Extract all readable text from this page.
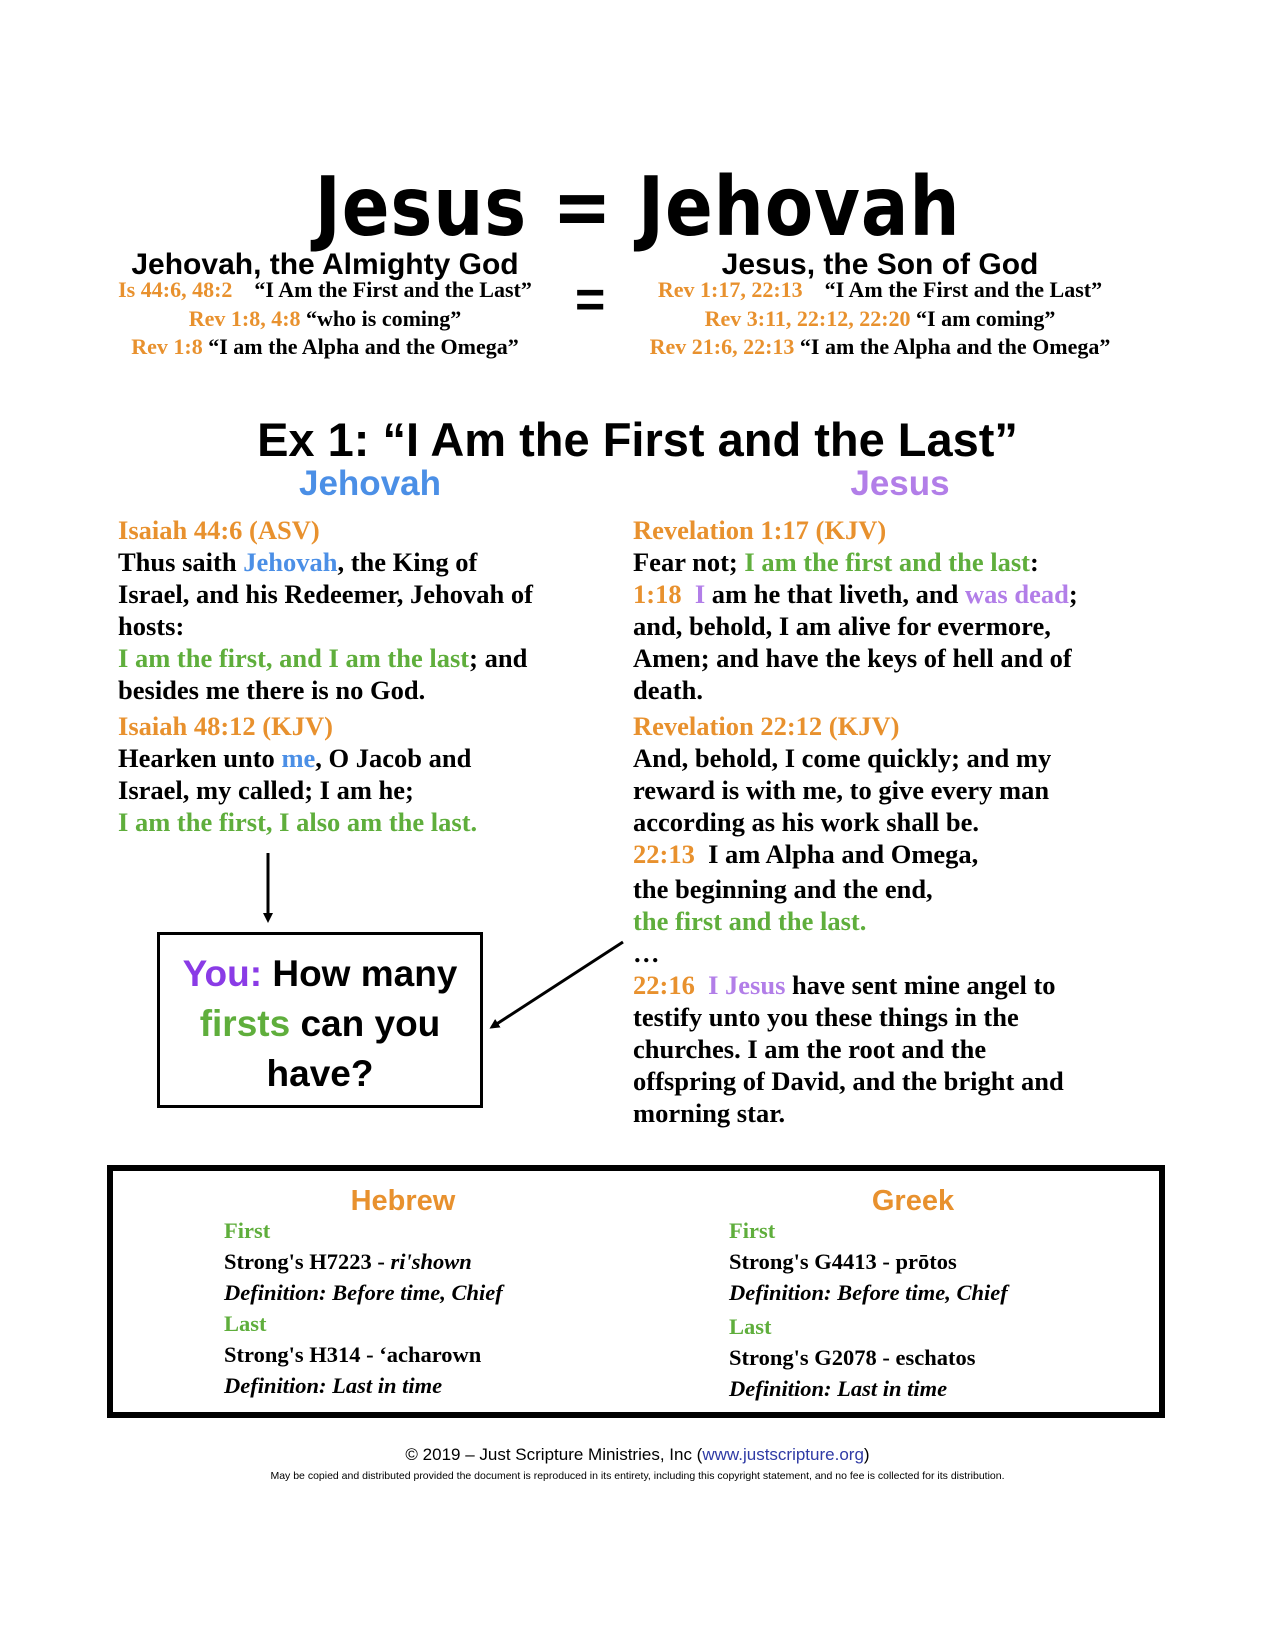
Jesus = Jehovah
Jehovah, the Almighty God
Is 44:6, 48:2 “I Am the First and the Last”
Rev 1:8, 4:8 “who is coming”
Rev 1:8 “I am the Alpha and the Omega”
=
Jesus, the Son of God
Rev 1:17, 22:13 “I Am the First and the Last”
Rev 3:11, 22:12, 22:20 “I am coming”
Rev 21:6, 22:13 “I am the Alpha and the Omega”
Ex 1: “I Am the First and the Last”
Jehovah	Jesus
Isaiah 44:6 (ASV)
Thus saith Jehovah, the King of
Israel, and his Redeemer, Jehovah of
hosts:
I am the first, and I am the last; and
besides me there is no God.
Isaiah 48:12 (KJV)
Hearken unto me, O Jacob and
Israel, my called; I am he;
I am the first, I also am the last.
You: How many
firsts can you
have?
Revelation 1:17 (KJV)
Fear not; I am the first and the last:
1:18 I am he that liveth, and was dead;
and, behold, I am alive for evermore,
Amen; and have the keys of hell and of
death.
Revelation 22:12 (KJV)
And, behold, I come quickly; and my
reward is with me, to give every man
according as his work shall be.
22:13  I am Alpha and Omega,
the beginning and the end,
the first and the last.
…
22:16 I Jesus have sent mine angel to
testify unto you these things in the
churches. I am the root and the
offspring of David, and the bright and
morning star.
Hebrew
First
Strong's H7223 - ri'shown
Definition: Before time, Chief
Last
Strong's H314 - ‘acharown
Definition: Last in time
Greek
First
Strong's G4413 - prōtos
Definition: Before time, Chief
Last
Strong's G2078 - eschatos
Definition: Last in time
© 2019 – Just Scripture Ministries, Inc (www.justscripture.org)
May be copied and distributed provided the document is reproduced in its entirety, including this copyright statement, and no fee is collected for its distribution.
